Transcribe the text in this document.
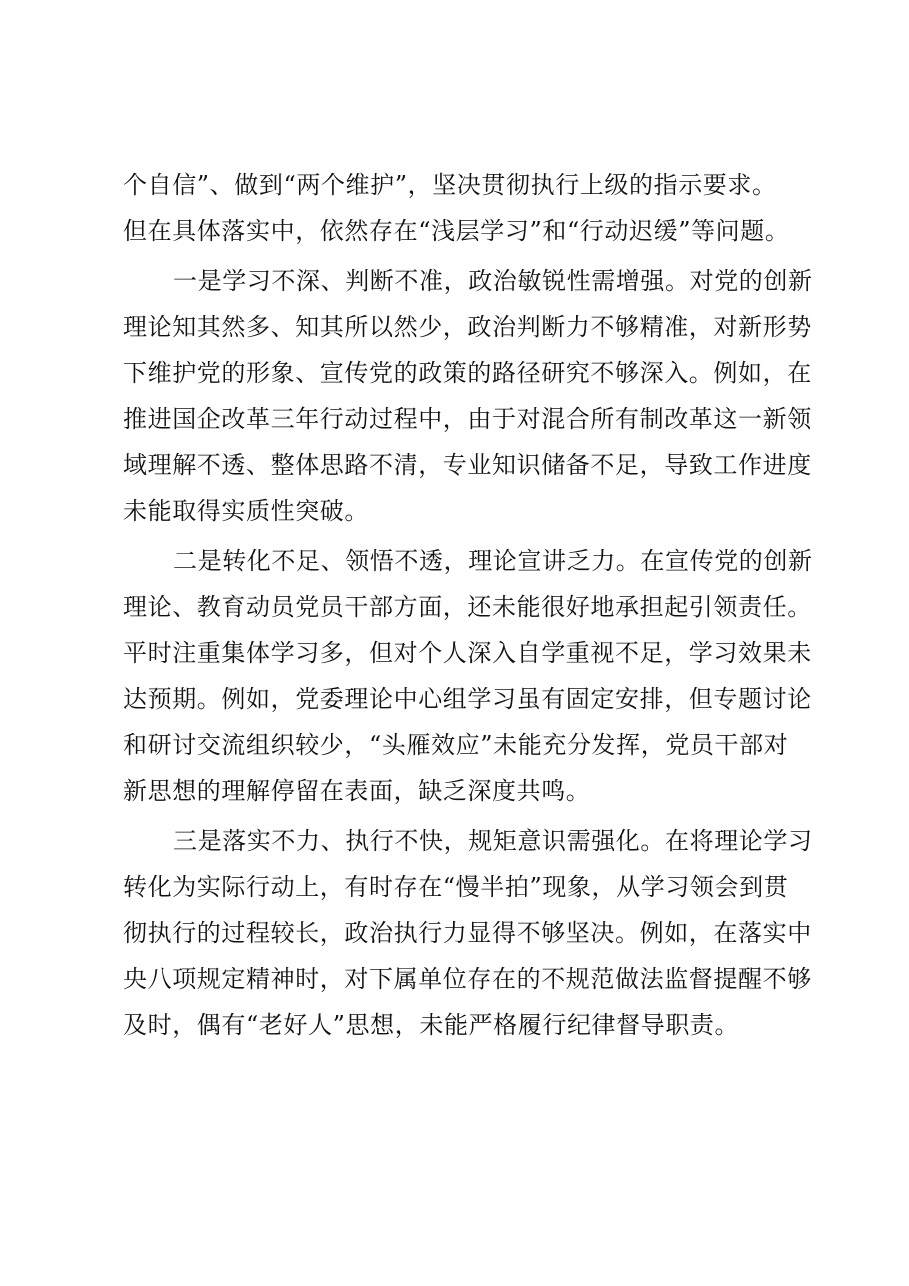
个自信”、做到“两个维护”，坚决贯彻执行上级的指示要求。
但在具体落实中，依然存在“浅层学习”和“行动迟缓”等问题。
一是学习不深、判断不准，政治敏锐性需增强。对党的创新
理论知其然多、知其所以然少，政治判断力不够精准，对新形势
下维护党的形象、宣传党的政策的路径研究不够深入。例如，在
推进国企改革三年行动过程中，由于对混合所有制改革这一新领
域理解不透、整体思路不清，专业知识储备不足，导致工作进度
未能取得实质性突破。
二是转化不足、领悟不透，理论宣讲乏力。在宣传党的创新
理论、教育动员党员干部方面，还未能很好地承担起引领责任。
平时注重集体学习多，但对个人深入自学重视不足，学习效果未
达预期。例如，党委理论中心组学习虽有固定安排，但专题讨论
和研讨交流组织较少，“头雁效应”未能充分发挥，党员干部对
新思想的理解停留在表面，缺乏深度共鸣。
三是落实不力、执行不快，规矩意识需强化。在将理论学习
转化为实际行动上，有时存在“慢半拍”现象，从学习领会到贯
彻执行的过程较长，政治执行力显得不够坚决。例如，在落实中
央八项规定精神时，对下属单位存在的不规范做法监督提醒不够
及时，偶有“老好人”思想，未能严格履行纪律督导职责。
